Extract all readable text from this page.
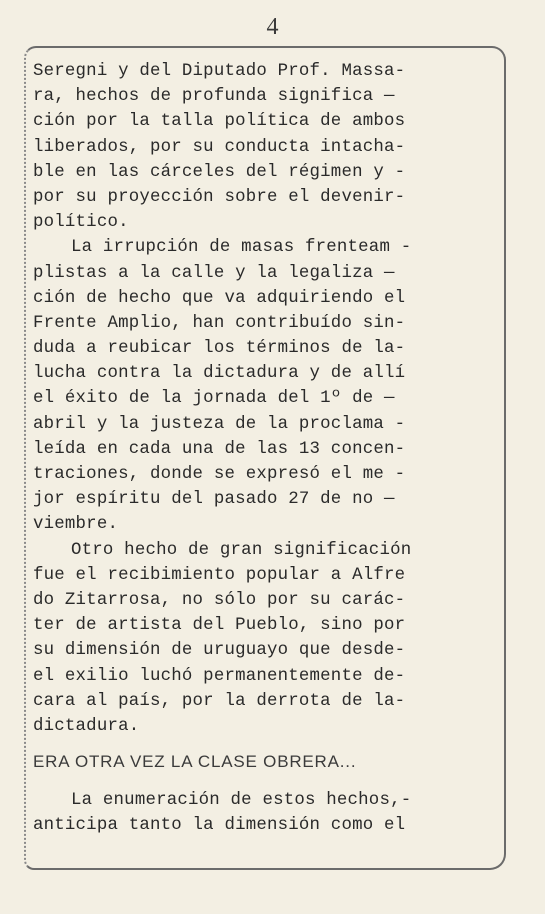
4
Seregni y del Diputado Prof. Massa-
ra, hechos de profunda significa —
ción por la talla política de ambos
liberados, por su conducta intacha-
ble en las cárceles del régimen y -
por su proyección sobre el devenir-
político.
La irrupción de masas frenteam -
plistas a la calle y la legaliza —
ción de hecho que va adquiriendo el
Frente Amplio, han contribuído sin-
duda a reubicar los términos de la-
lucha contra la dictadura y de allí
el éxito de la jornada del 1º de —
abril y la justeza de la proclama -
leída en cada una de las 13 concen-
traciones, donde se expresó el me -
jor espíritu del pasado 27 de no —
viembre.
Otro hecho de gran significación
fue el recibimiento popular a Alfre
do Zitarrosa, no sólo por su carác-
ter de artista del Pueblo, sino por
su dimensión de uruguayo que desde-
el exilio luchó permanentemente de-
cara al país, por la derrota de la-
dictadura.
ERA OTRA VEZ LA CLASE OBRERA...
La enumeración de estos hechos,-
anticipa tanto la dimensión como el
